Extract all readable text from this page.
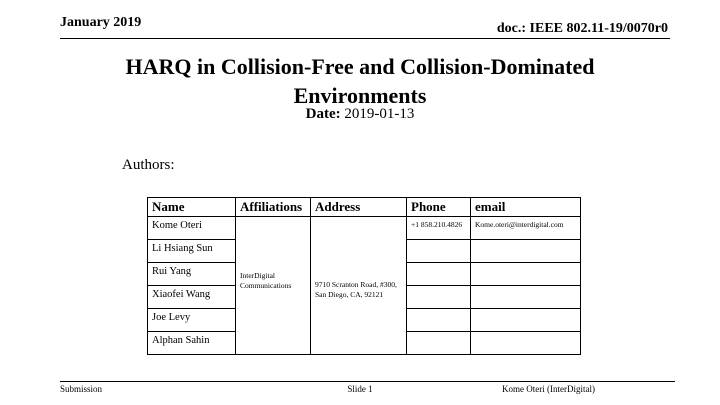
January 2019	doc.: IEEE 802.11-19/0070r0
HARQ in Collision-Free and Collision-Dominated
Environments
Date: 2019-01-13
Authors:
Name	Affiliations	Address	Phone	email
Kome Oteri	InterDigital Communications	9710 Scranton Road, #300, San Diego, CA, 92121	+1 858.210.4826	Kome.oteri@interdigital.com
Li Hsiang Sun				
Rui Yang				
Xiaofei Wang				
Joe Levy				
Alphan Sahin				
Submission	Slide 1	Kome Oteri (InterDigital)
